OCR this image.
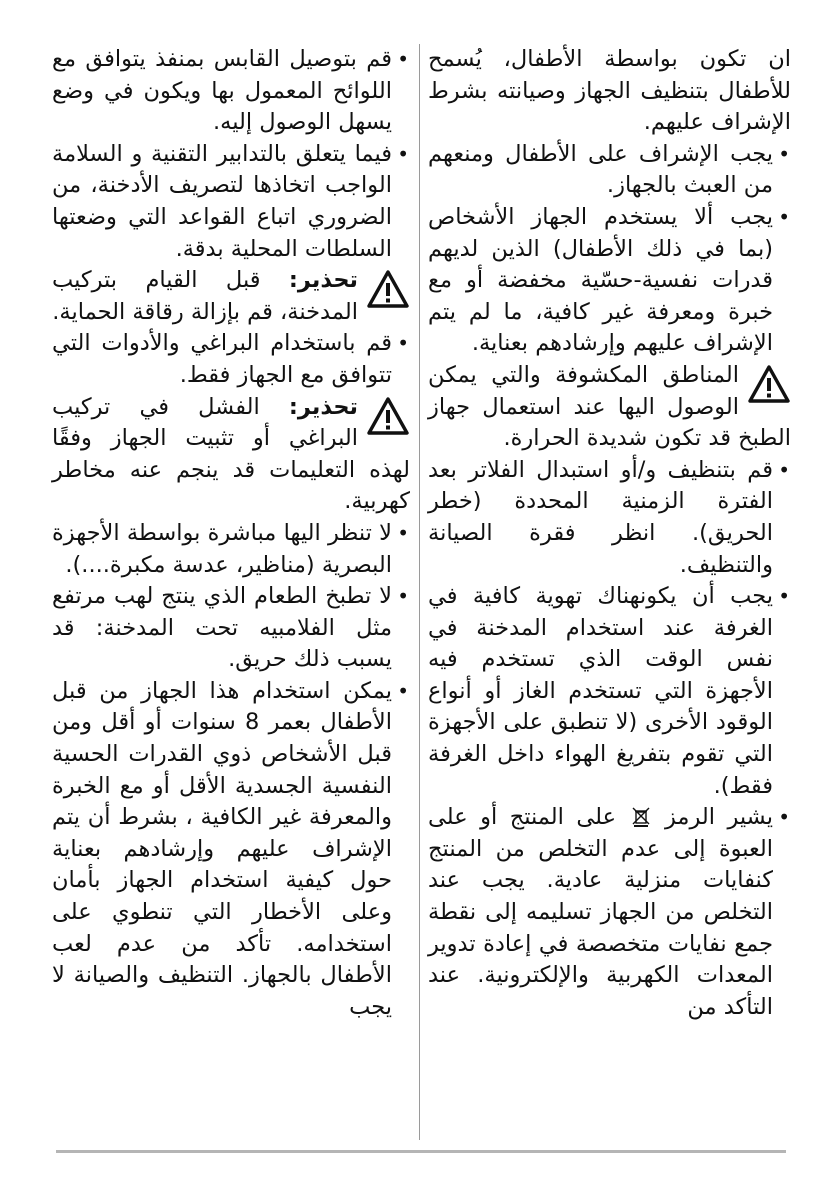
ان تكون بواسطة الأطفال، يُسمح للأطفال بتنظيف الجهاز وصيانته بشرط الإشراف عليهم.

• يجب الإشراف على الأطفال ومنعهم من العبث بالجهاز.

• يجب ألا يستخدم الجهاز الأشخاص (بما في ذلك الأطفال) الذين لديهم قدرات نفسية-حسّية مخفضة أو مع خبرة ومعرفة غير كافية، ما لم يتم الإشراف عليهم وإرشادهم بعناية.

المناطق المكشوفة والتي يمكن الوصول اليها عند استعمال جهاز الطبخ قد تكون شديدة الحرارة.

• قم بتنظيف و/أو استبدال الفلاتر بعد الفترة الزمنية المحددة (خطر الحريق). انظر فقرة الصيانة والتنظيف.

• يجب أن يكونهناك تهوية كافية في الغرفة عند استخدام المدخنة في نفس الوقت الذي تستخدم فيه الأجهزة التي تستخدم الغاز أو أنواع الوقود الأخرى (لا تنطبق على الأجهزة التي تقوم بتفريغ الهواء داخل الغرفة فقط).

• يشير الرمز  على المنتج أو على العبوة إلى عدم التخلص من المنتج كنفايات منزلية عادية. يجب عند التخلص من الجهاز تسليمه إلى نقطة جمع نفايات متخصصة في إعادة تدوير المعدات الكهربية والإلكترونية. عند التأكد من

• قم بتوصيل القابس بمنفذ يتوافق مع اللوائح المعمول بها ويكون في وضع يسهل الوصول إليه.

• فيما يتعلق بالتدابير التقنية و السلامة الواجب اتخاذها لتصريف الأدخنة، من الضروري اتباع القواعد التي وضعتها السلطات المحلية بدقة.

تحذير: قبل القيام بتركيب المدخنة، قم بإزالة رقاقة الحماية.

• قم باستخدام البراغي والأدوات التي تتوافق مع الجهاز فقط.

تحذير: الفشل في تركيب البراغي أو تثبيت الجهاز وفقًا لهذه التعليمات قد ينجم عنه مخاطر كهربية.

• لا تنظر اليها مباشرة بواسطة الأجهزة البصرية (مناظير، عدسة مكبرة....).

• لا تطبخ الطعام الذي ينتج لهب مرتفع مثل الفلامبيه تحت المدخنة: قد يسبب ذلك حريق.

• يمكن استخدام هذا الجهاز من قبل الأطفال بعمر 8 سنوات أو أقل ومن قبل الأشخاص ذوي القدرات الحسية النفسية الجسدية الأقل أو مع الخبرة والمعرفة غير الكافية ، بشرط أن يتم الإشراف عليهم وإرشادهم بعناية حول كيفية استخدام الجهاز بأمان وعلى الأخطار التي تنطوي على استخدامه. تأكد من عدم لعب الأطفال بالجهاز. التنظيف والصيانة لا يجب
